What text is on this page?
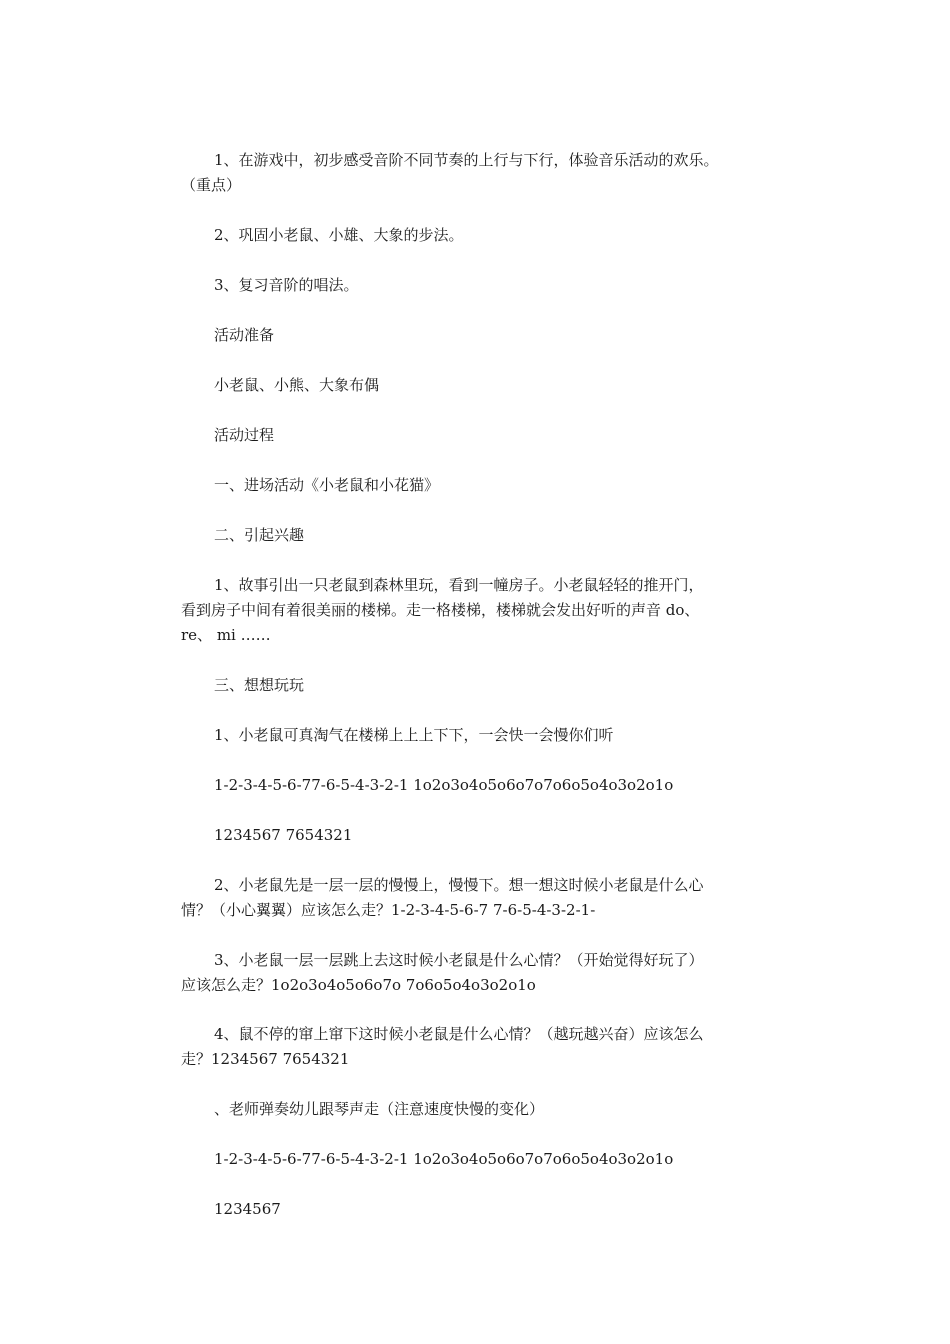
1、在游戏中，初步感受音阶不同节奏的上行与下行，体验音乐活动的欢乐。
（重点）
2、巩固小老鼠、小雄、大象的步法。
3、复习音阶的唱法。
活动准备
小老鼠、小熊、大象布偶
活动过程
一、进场活动《小老鼠和小花猫》
二、引起兴趣
1、故事引出一只老鼠到森林里玩，看到一幢房子。小老鼠轻轻的推开门，
看到房子中间有着很美丽的楼梯。走一格楼梯，楼梯就会发出好听的声音 do、
re、 mi ……
三、想想玩玩
1、小老鼠可真淘气在楼梯上上上下下，一会快一会慢你们听
1-2-3-4-5-6-77-6-5-4-3-2-1 1o2o3o4o5o6o7o7o6o5o4o3o2o1o
1234567 7654321
2、小老鼠先是一层一层的慢慢上，慢慢下。想一想这时候小老鼠是什么心
情？（小心翼翼）应该怎么走？1-2-3-4-5-6-7 7-6-5-4-3-2-1-
3、小老鼠一层一层跳上去这时候小老鼠是什么心情？（开始觉得好玩了）
应该怎么走？1o2o3o4o5o6o7o 7o6o5o4o3o2o1o
4、鼠不停的窜上窜下这时候小老鼠是什么心情？（越玩越兴奋）应该怎么
走？1234567 7654321
、老师弹奏幼儿跟琴声走（注意速度快慢的变化）
1-2-3-4-5-6-77-6-5-4-3-2-1 1o2o3o4o5o6o7o7o6o5o4o3o2o1o
1234567
